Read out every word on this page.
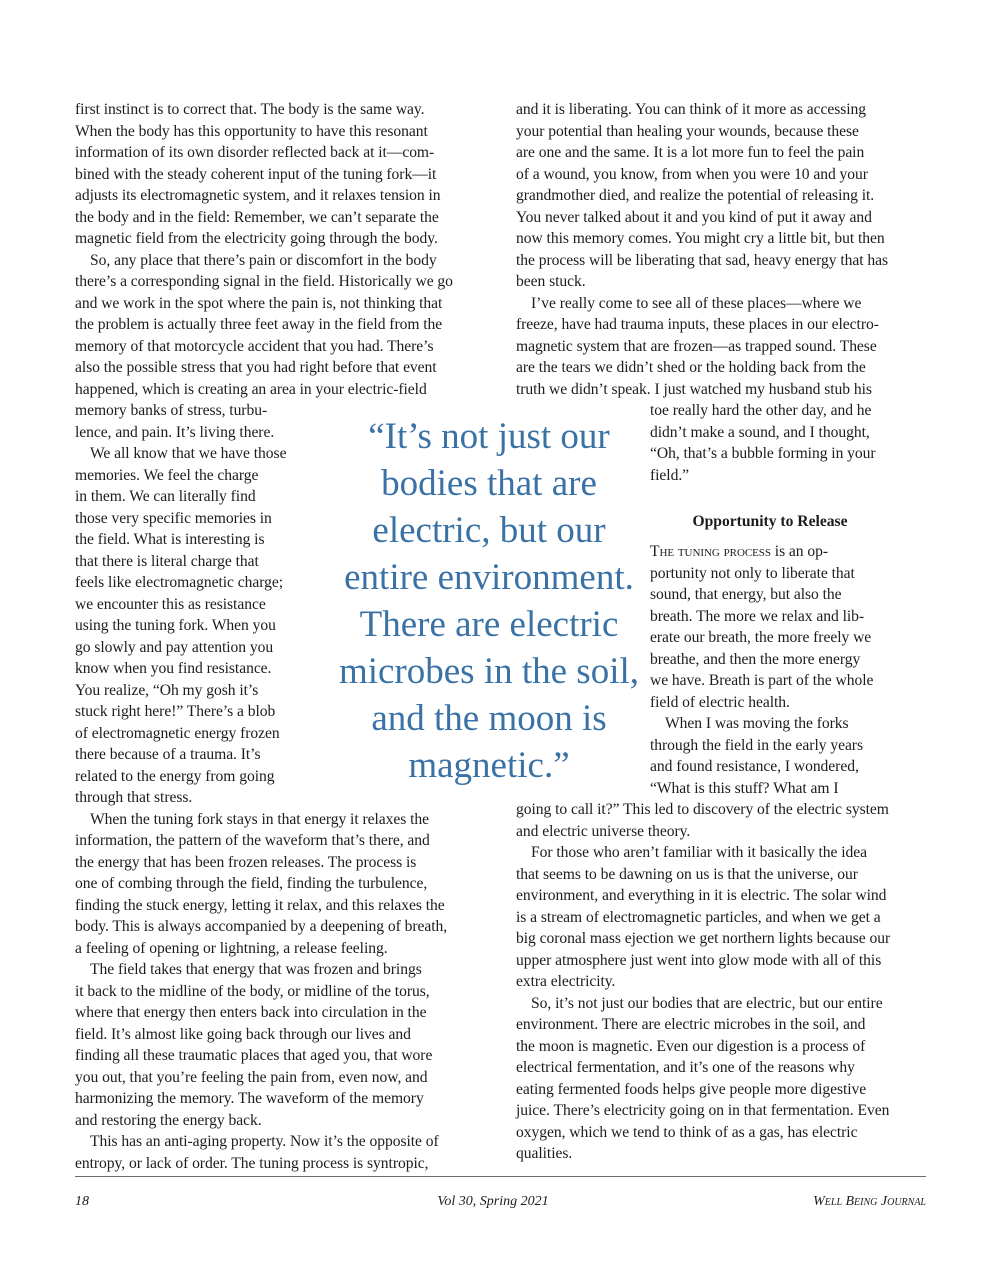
first instinct is to correct that. The body is the same way.
When the body has this opportunity to have this resonant
information of its own disorder reflected back at it—com-
bined with the steady coherent input of the tuning fork—it
adjusts its electromagnetic system, and it relaxes tension in
the body and in the field: Remember, we can’t separate the
magnetic field from the electricity going through the body.
So, any place that there’s pain or discomfort in the body
there’s a corresponding signal in the field. Historically we go
and we work in the spot where the pain is, not thinking that
the problem is actually three feet away in the field from the
memory of that motorcycle accident that you had. There’s
also the possible stress that you had right before that event
happened, which is creating an area in your electric-field
memory banks of stress, turbu-
lence, and pain. It’s living there.
We all know that we have those
memories. We feel the charge
in them. We can literally find
those very specific memories in
the field. What is interesting is
that there is literal charge that
feels like electromagnetic charge;
we encounter this as resistance
using the tuning fork. When you
go slowly and pay attention you
know when you find resistance.
You realize, “Oh my gosh it’s
stuck right here!” There’s a blob
of electromagnetic energy frozen
there because of a trauma. It’s
related to the energy from going
through that stress.
When the tuning fork stays in that energy it relaxes the
information, the pattern of the waveform that’s there, and
the energy that has been frozen releases. The process is
one of combing through the field, finding the turbulence,
finding the stuck energy, letting it relax, and this relaxes the
body. This is always accompanied by a deepening of breath,
a feeling of opening or lightning, a release feeling.
The field takes that energy that was frozen and brings
it back to the midline of the body, or midline of the torus,
where that energy then enters back into circulation in the
field. It’s almost like going back through our lives and
finding all these traumatic places that aged you, that wore
you out, that you’re feeling the pain from, even now, and
harmonizing the memory. The waveform of the memory
and restoring the energy back.
This has an anti-aging property. Now it’s the opposite of
entropy, or lack of order. The tuning process is syntropic,
and it is liberating. You can think of it more as accessing
your potential than healing your wounds, because these
are one and the same. It is a lot more fun to feel the pain
of a wound, you know, from when you were 10 and your
grandmother died, and realize the potential of releasing it.
You never talked about it and you kind of put it away and
now this memory comes. You might cry a little bit, but then
the process will be liberating that sad, heavy energy that has
been stuck.
I’ve really come to see all of these places—where we
freeze, have had trauma inputs, these places in our electro-
magnetic system that are frozen—as trapped sound. These
are the tears we didn’t shed or the holding back from the
truth we didn’t speak. I just watched my husband stub his
toe really hard the other day, and he
didn’t make a sound, and I thought,
“Oh, that’s a bubble forming in your
field.”
Opportunity to Release
The tuning process is an op-
portunity not only to liberate that
sound, that energy, but also the
breath. The more we relax and lib-
erate our breath, the more freely we
breathe, and then the more energy
we have. Breath is part of the whole
field of electric health.
When I was moving the forks
through the field in the early years
and found resistance, I wondered,
“What is this stuff? What am I
going to call it?” This led to discovery of the electric system
and electric universe theory.
For those who aren’t familiar with it basically the idea
that seems to be dawning on us is that the universe, our
environment, and everything in it is electric. The solar wind
is a stream of electromagnetic particles, and when we get a
big coronal mass ejection we get northern lights because our
upper atmosphere just went into glow mode with all of this
extra electricity.
So, it’s not just our bodies that are electric, but our entire
environment. There are electric microbes in the soil, and
the moon is magnetic. Even our digestion is a process of
electrical fermentation, and it’s one of the reasons why
eating fermented foods helps give people more digestive
juice. There’s electricity going on in that fermentation. Even
oxygen, which we tend to think of as a gas, has electric
qualities.
“It’s not just our
bodies that are
electric, but our
entire environment.
There are electric
microbes in the soil,
and the moon is
magnetic.”
18	Vol 30, Spring 2021	Well Being Journal
